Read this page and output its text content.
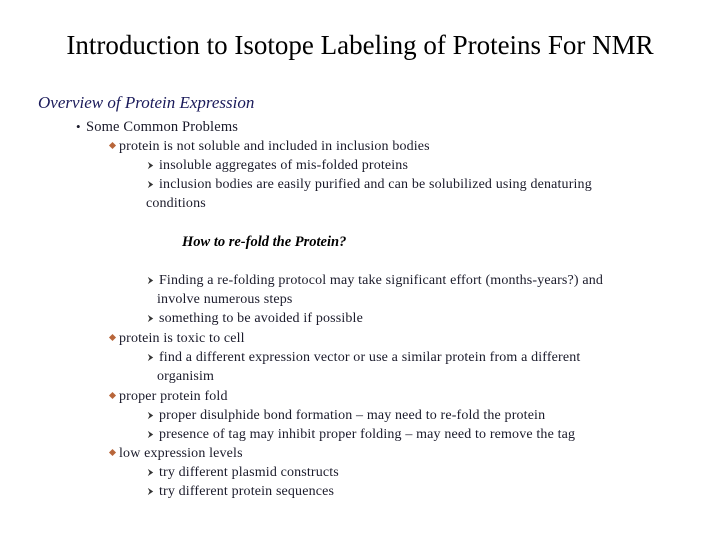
Introduction to Isotope Labeling of Proteins For NMR
Overview of Protein Expression
• Some Common Problems
protein is not soluble and included in inclusion bodies
insoluble aggregates of mis-folded proteins
inclusion bodies are easily purified and can be solubilized using denaturing
conditions
How to re-fold the Protein?
Finding a re-folding protocol may take significant effort (months-years?) and
involve numerous steps
something to be avoided if possible
protein is toxic to cell
find a different expression vector or use a similar protein from a different
organisim
proper protein fold
proper disulphide bond formation – may need to re-fold the protein
presence of tag may inhibit proper folding – may need to remove the tag
low expression levels
try different plasmid constructs
try different protein sequences
